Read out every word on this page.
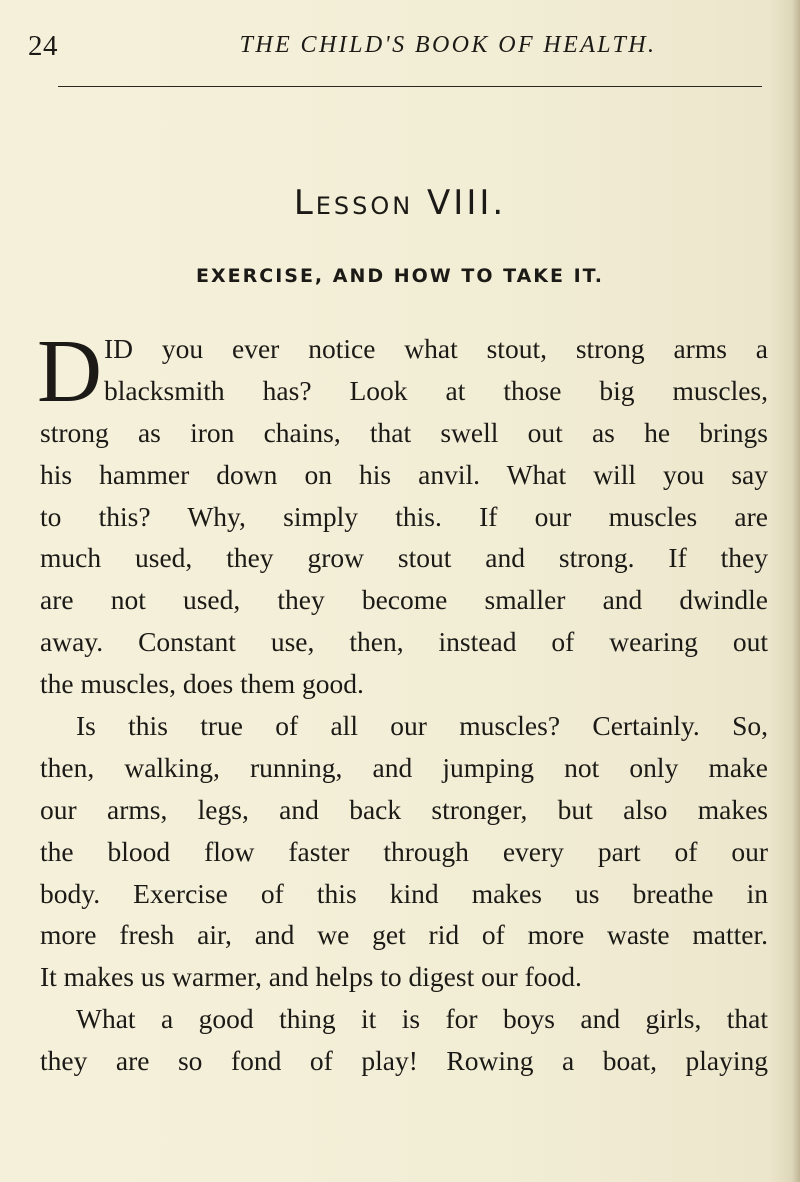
24	THE CHILD'S BOOK OF HEALTH.
Lesson VIII.
EXERCISE, AND HOW TO TAKE IT.
D ID you ever notice what stout, strong arms a
blacksmith has? Look at those big muscles,
strong as iron chains, that swell out as he brings
his hammer down on his anvil. What will you say
to this? Why, simply this. If our muscles are
much used, they grow stout and strong. If they
are not used, they become smaller and dwindle
away. Constant use, then, instead of wearing out
the muscles, does them good.
Is this true of all our muscles? Certainly. So,
then, walking, running, and jumping not only make
our arms, legs, and back stronger, but also makes
the blood flow faster through every part of our
body. Exercise of this kind makes us breathe in
more fresh air, and we get rid of more waste matter.
It makes us warmer, and helps to digest our food.
What a good thing it is for boys and girls, that
they are so fond of play! Rowing a boat, playing
